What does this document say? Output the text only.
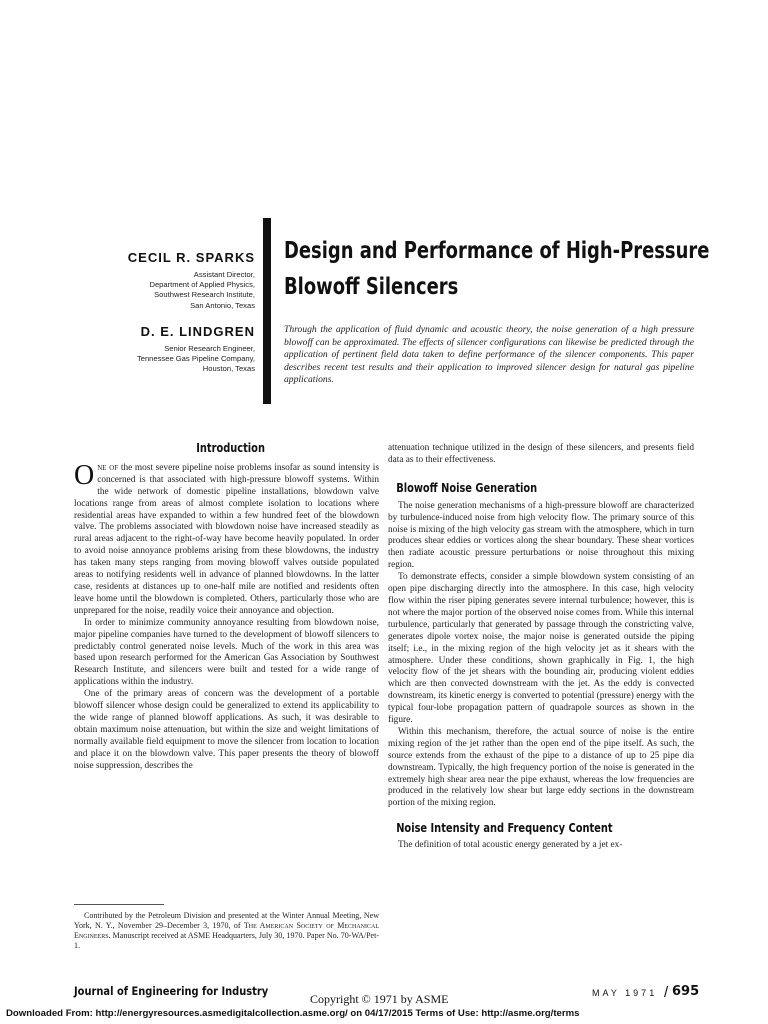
CECIL R. SPARKS

Assistant Director,
Department of Applied Physics,
Southwest Research Institute,
San Antonio, Texas

D. E. LINDGREN

Senior Research Engineer,
Tennessee Gas Pipeline Company,
Houston, Texas

Design and Performance of High-Pressure

Blowoff Silencers

Through the application of fluid dynamic and acoustic theory, the noise generation of a high pressure blowoff can be approximated. The effects of silencer configurations can likewise be predicted through the application of pertinent field data taken to define performance of the silencer components. This paper describes recent test results and their application to improved silencer design for natural gas pipeline applications.

Introduction

One of the most severe pipeline noise problems insofar as sound intensity is concerned is that associated with high-pressure blowoff systems. Within the wide network of domestic pipeline installations, blowdown valve locations range from areas of almost complete isolation to locations where residential areas have expanded to within a few hundred feet of the blowdown valve. The problems associated with blowdown noise have increased steadily as rural areas adjacent to the right-of-way have become heavily populated. In order to avoid noise annoyance problems arising from these blowdowns, the industry has taken many steps ranging from moving blowoff valves outside populated areas to notifying residents well in advance of planned blowdowns. In the latter case, residents at distances up to one-half mile are notified and residents often leave home until the blowdown is completed. Others, particularly those who are unprepared for the noise, readily voice their annoyance and objection.

In order to minimize community annoyance resulting from blowdown noise, major pipeline companies have turned to the development of blowoff silencers to predictably control generated noise levels. Much of the work in this area was based upon research performed for the American Gas Association by Southwest Research Institute, and silencers were built and tested for a wide range of applications within the industry.

One of the primary areas of concern was the development of a portable blowoff silencer whose design could be generalized to extend its applicability to the wide range of planned blowoff applications. As such, it was desirable to obtain maximum noise attenuation, but within the size and weight limitations of normally available field equipment to move the silencer from location to location and place it on the blowdown valve. This paper presents the theory of blowoff noise suppression, describes the

Contributed by the Petroleum Division and presented at the Winter Annual Meeting, New York, N. Y., November 29–December 3, 1970, of The American Society of Mechanical Engineers. Manuscript received at ASME Headquarters, July 30, 1970. Paper No. 70-WA/Pet-1.

attenuation technique utilized in the design of these silencers, and presents field data as to their effectiveness.

Blowoff Noise Generation

The noise generation mechanisms of a high-pressure blowoff are characterized by turbulence-induced noise from high velocity flow. The primary source of this noise is mixing of the high velocity gas stream with the atmosphere, which in turn produces shear eddies or vortices along the shear boundary. These shear vortices then radiate acoustic pressure perturbations or noise throughout this mixing region.

To demonstrate effects, consider a simple blowdown system consisting of an open pipe discharging directly into the atmosphere. In this case, high velocity flow within the riser piping generates severe internal turbulence; however, this is not where the major portion of the observed noise comes from. While this internal turbulence, particularly that generated by passage through the constricting valve, generates dipole vortex noise, the major noise is generated outside the piping itself; i.e., in the mixing region of the high velocity jet as it shears with the atmosphere. Under these conditions, shown graphically in Fig. 1, the high velocity flow of the jet shears with the bounding air, producing violent eddies which are then convected downstream with the jet. As the eddy is convected downstream, its kinetic energy is converted to potential (pressure) energy with the typical four-lobe propagation pattern of quadrapole sources as shown in the figure.

Within this mechanism, therefore, the actual source of noise is the entire mixing region of the jet rather than the open end of the pipe itself. As such, the source extends from the exhaust of the pipe to a distance of up to 25 pipe dia downstream. Typically, the high frequency portion of the noise is generated in the extremely high shear area near the pipe exhaust, whereas the low frequencies are produced in the relatively low shear but large eddy sections in the downstream portion of the mixing region.

Noise Intensity and Frequency Content

The definition of total acoustic energy generated by a jet ex-

Journal of Engineering for Industry
Copyright © 1971 by ASME	MAY 1971 / 695
Downloaded From: http://energyresources.asmedigitalcollection.asme.org/ on 04/17/2015 Terms of Use: http://asme.org/terms
